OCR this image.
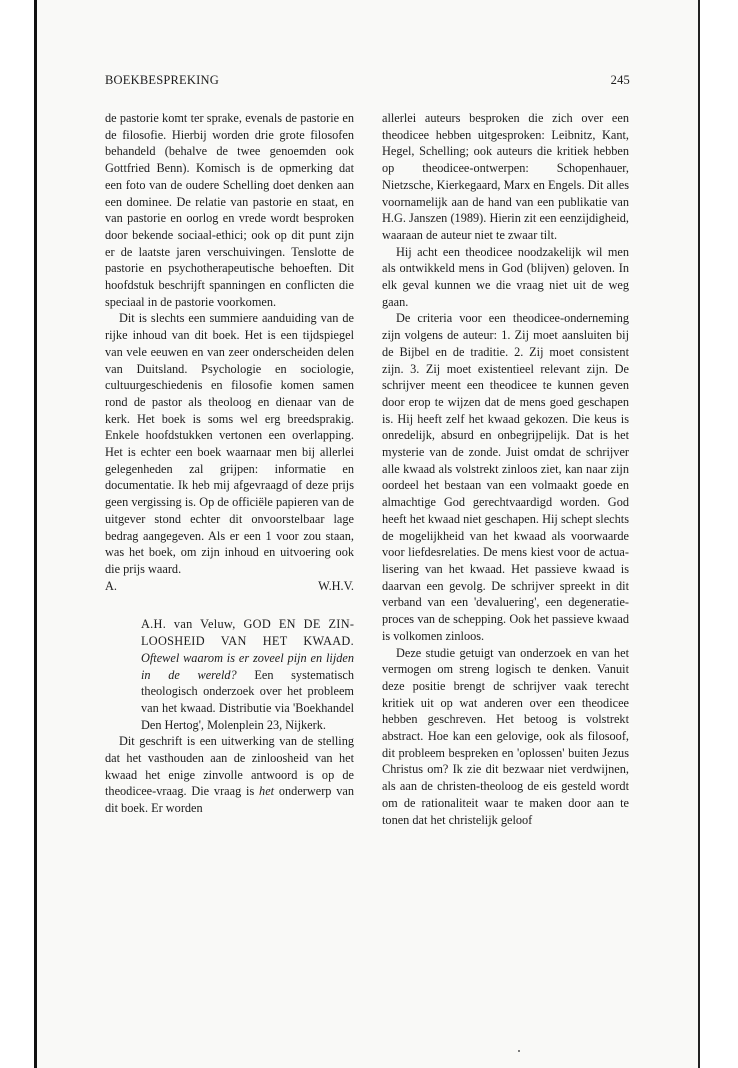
BOEKBESPREKING	245

de pastorie komt ter sprake, evenals de pastorie en de filosofie. Hierbij worden drie grote filosofen behandeld (behalve de twee genoemden ook Gottfried Benn). Komisch is de opmerking dat een foto van de oudere Schelling doet denken aan een dominee. De relatie van pastorie en staat, en van pastorie en oorlog en vrede wordt besproken door bekende sociaal-ethici; ook op dit punt zijn er de laatste jaren verschuivingen. Tenslotte de pastorie en psychotherapeutische behoeften. Dit hoofdstuk beschrijft spanningen en conflicten die speciaal in de pastorie voorkomen.

Dit is slechts een summiere aanduiding van de rijke inhoud van dit boek. Het is een tijdspiegel van vele eeuwen en van zeer onderscheiden delen van Duitsland. Psychologie en sociologie, cultuurgeschiedenis en filosofie komen samen rond de pastor als theoloog en dienaar van de kerk. Het boek is soms wel erg breedsprakig. Enkele hoofdstukken vertonen een overlapping. Het is echter een boek waarnaar men bij allerlei gelegenheden zal grijpen: informatie en documentatie. Ik heb mij afgevraagd of deze prijs geen vergissing is. Op de officiële papieren van de uitgever stond echter dit onvoorstelbaar lage bedrag aangegeven. Als er een 1 voor zou staan, was het boek, om zijn inhoud en uitvoering ook die prijs waard.

A.	W.H.V.
A.H. van Veluw, GOD EN DE ZINLOOSHEID VAN HET KWAAD. Oftewel waarom is er zoveel pijn en lijden in de wereld? Een systematisch theologisch onderzoek over het probleem van het kwaad. Distributie via 'Boekhandel Den Hertog', Molenplein 23, Nijkerk.

Dit geschrift is een uitwerking van de stelling dat het vasthouden aan de zinloosheid van het kwaad het enige zinvolle antwoord is op de theodicee-vraag. Die vraag is het onderwerp van dit boek. Er worden

allerlei auteurs besproken die zich over een theodicee hebben uitgesproken: Leibnitz, Kant, Hegel, Schelling; ook auteurs die kritiek hebben op theodicee-ontwerpen: Schopenhauer, Nietzsche, Kierkegaard, Marx en Engels. Dit alles voornamelijk aan de hand van een publikatie van H.G. Janszen (1989). Hierin zit een eenzijdigheid, waaraan de auteur niet te zwaar tilt.

Hij acht een theodicee noodzakelijk wil men als ontwikkeld mens in God (blijven) geloven. In elk geval kunnen we die vraag niet uit de weg gaan.

De criteria voor een theodicee-onderneming zijn volgens de auteur: 1. Zij moet aansluiten bij de Bijbel en de traditie. 2. Zij moet consistent zijn. 3. Zij moet existentieel relevant zijn. De schrijver meent een theodicee te kunnen geven door erop te wijzen dat de mens goed geschapen is. Hij heeft zelf het kwaad gekozen. Die keus is onredelijk, absurd en onbegrijpelijk. Dat is het mysterie van de zonde. Juist omdat de schrijver alle kwaad als volstrekt zinloos ziet, kan naar zijn oordeel het bestaan van een volmaakt goede en almachtige God gerechtvaardigd worden. God heeft het kwaad niet geschapen. Hij schept slechts de mogelijkheid van het kwaad als voorwaarde voor liefdesrelaties. De mens kiest voor de actualisering van het kwaad. Het passieve kwaad is daarvan een gevolg. De schrijver spreekt in dit verband van een 'devaluering', een degeneratie-proces van de schepping. Ook het passieve kwaad is volkomen zinloos.

Deze studie getuigt van onderzoek en van het vermogen om streng logisch te denken. Vanuit deze positie brengt de schrijver vaak terecht kritiek uit op wat anderen over een theodicee hebben geschreven. Het betoog is volstrekt abstract. Hoe kan een gelovige, ook als filosoof, dit probleem bespreken en 'oplossen' buiten Jezus Christus om? Ik zie dit bezwaar niet verdwijnen, als aan de christen-theoloog de eis gesteld wordt om de rationaliteit waar te maken door aan te tonen dat het christelijk geloof
